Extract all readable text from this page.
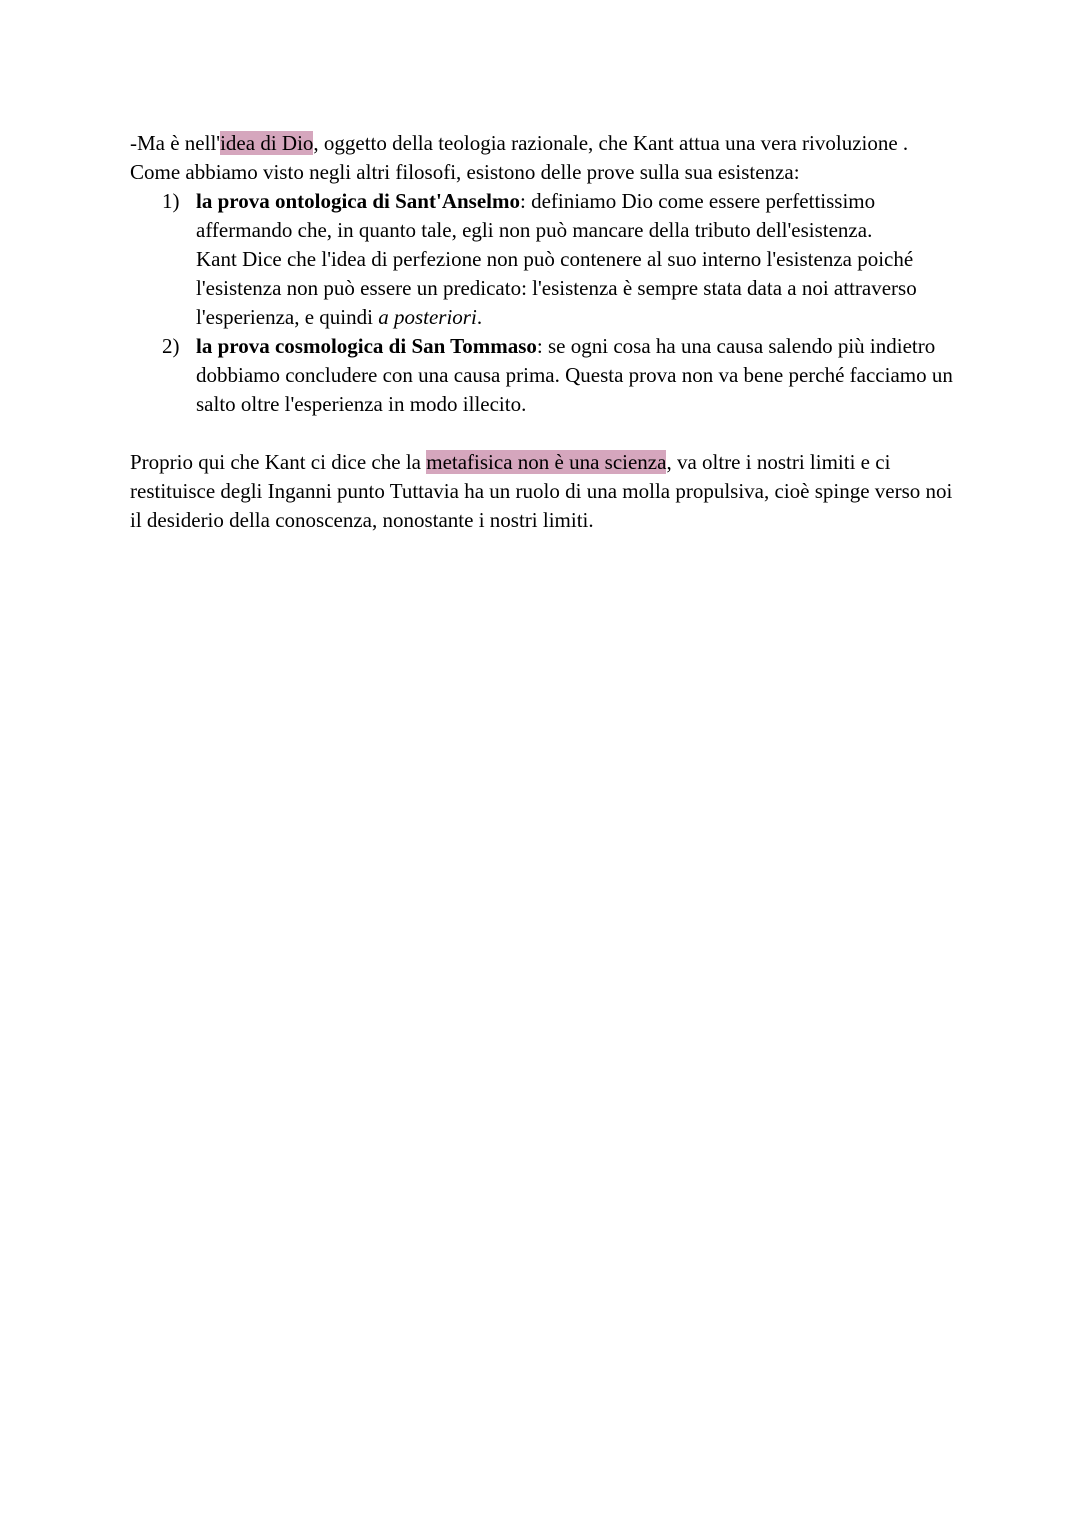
-Ma è nell'idea di Dio, oggetto della teologia razionale, che Kant attua una vera rivoluzione .
Come abbiamo visto negli altri filosofi, esistono delle prove sulla sua esistenza:

1) la prova ontologica di Sant'Anselmo: definiamo Dio come essere perfettissimo affermando che, in quanto tale, egli non può mancare della tributo dell'esistenza.
Kant Dice che l'idea di perfezione non può contenere al suo interno l'esistenza poiché l'esistenza non può essere un predicato: l'esistenza è sempre stata data a noi attraverso l'esperienza, e quindi a posteriori.
2) la prova cosmologica di San Tommaso: se ogni cosa ha una causa salendo più indietro dobbiamo concludere con una causa prima. Questa prova non va bene perché facciamo un salto oltre l'esperienza in modo illecito.

Proprio qui che Kant ci dice che la metafisica non è una scienza, va oltre i nostri limiti e ci restituisce degli Inganni punto Tuttavia ha un ruolo di una molla propulsiva, cioè spinge verso noi il desiderio della conoscenza, nonostante i nostri limiti.
